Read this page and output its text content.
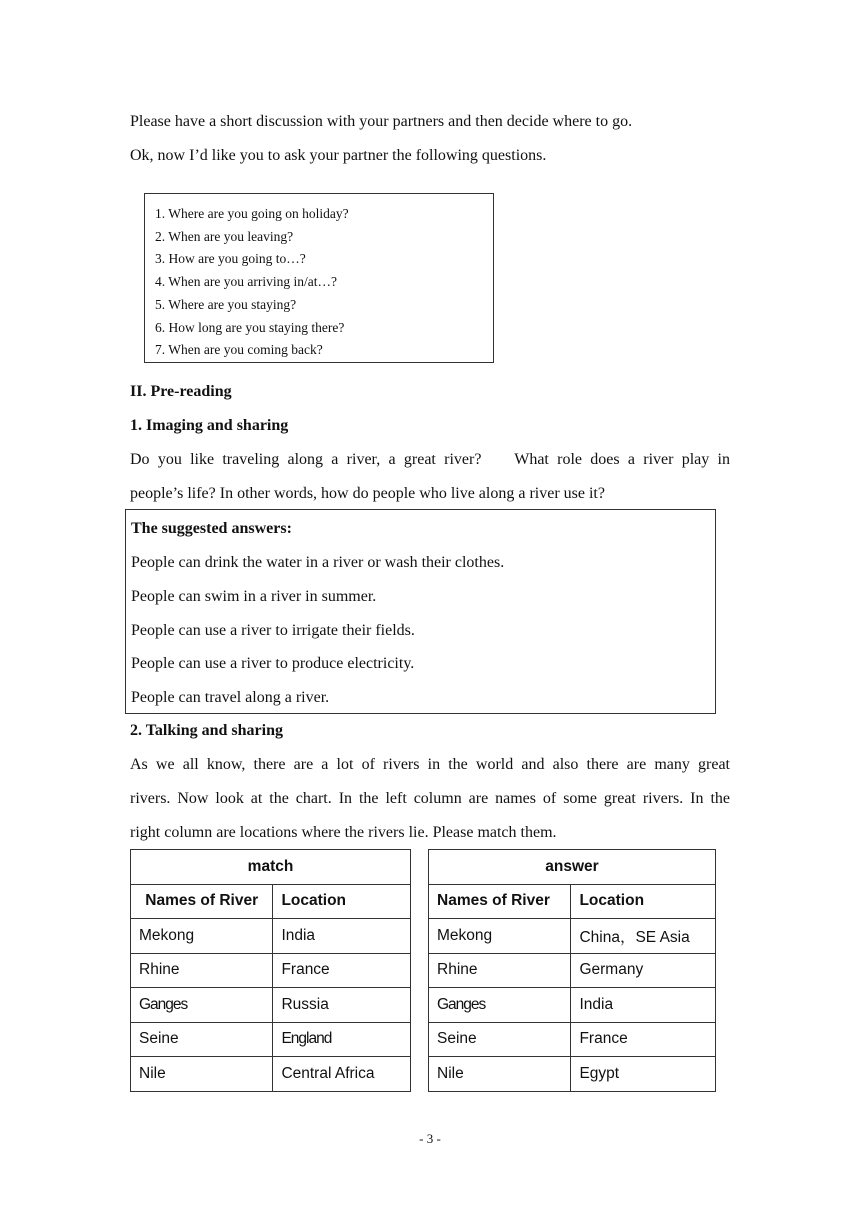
Please have a short discussion with your partners and then decide where to go.
Ok, now I’d like you to ask your partner the following questions.
1. Where are you going on holiday?
2. When are you leaving?
3. How are you going to…?
4. When are you arriving in/at…?
5. Where are you staying?
6. How long are you staying there?
7. When are you coming back?
II. Pre-reading
1. Imaging and sharing
Do you like traveling along a river, a great river?    What role does a river play in
people’s life? In other words, how do people who live along a river use it?
The suggested answers:
People can drink the water in a river or wash their clothes.
People can swim in a river in summer.
People can use a river to irrigate their fields.
People can use a river to produce electricity.
People can travel along a river.
2. Talking and sharing
As we all know, there are a lot of rivers in the world and also there are many great
rivers. Now look at the chart. In the left column are names of some great rivers. In the
right column are locations where the rivers lie. Please match them.
match	
Names of River	Location
Mekong	India
Rhine	France
Ganges	Russia
Seine	England
Nile	Central Africa
answer	
Names of River	Location
Mekong	China，SE Asia
Rhine	Germany
Ganges	India
Seine	France
Nile	Egypt
- 3 -
